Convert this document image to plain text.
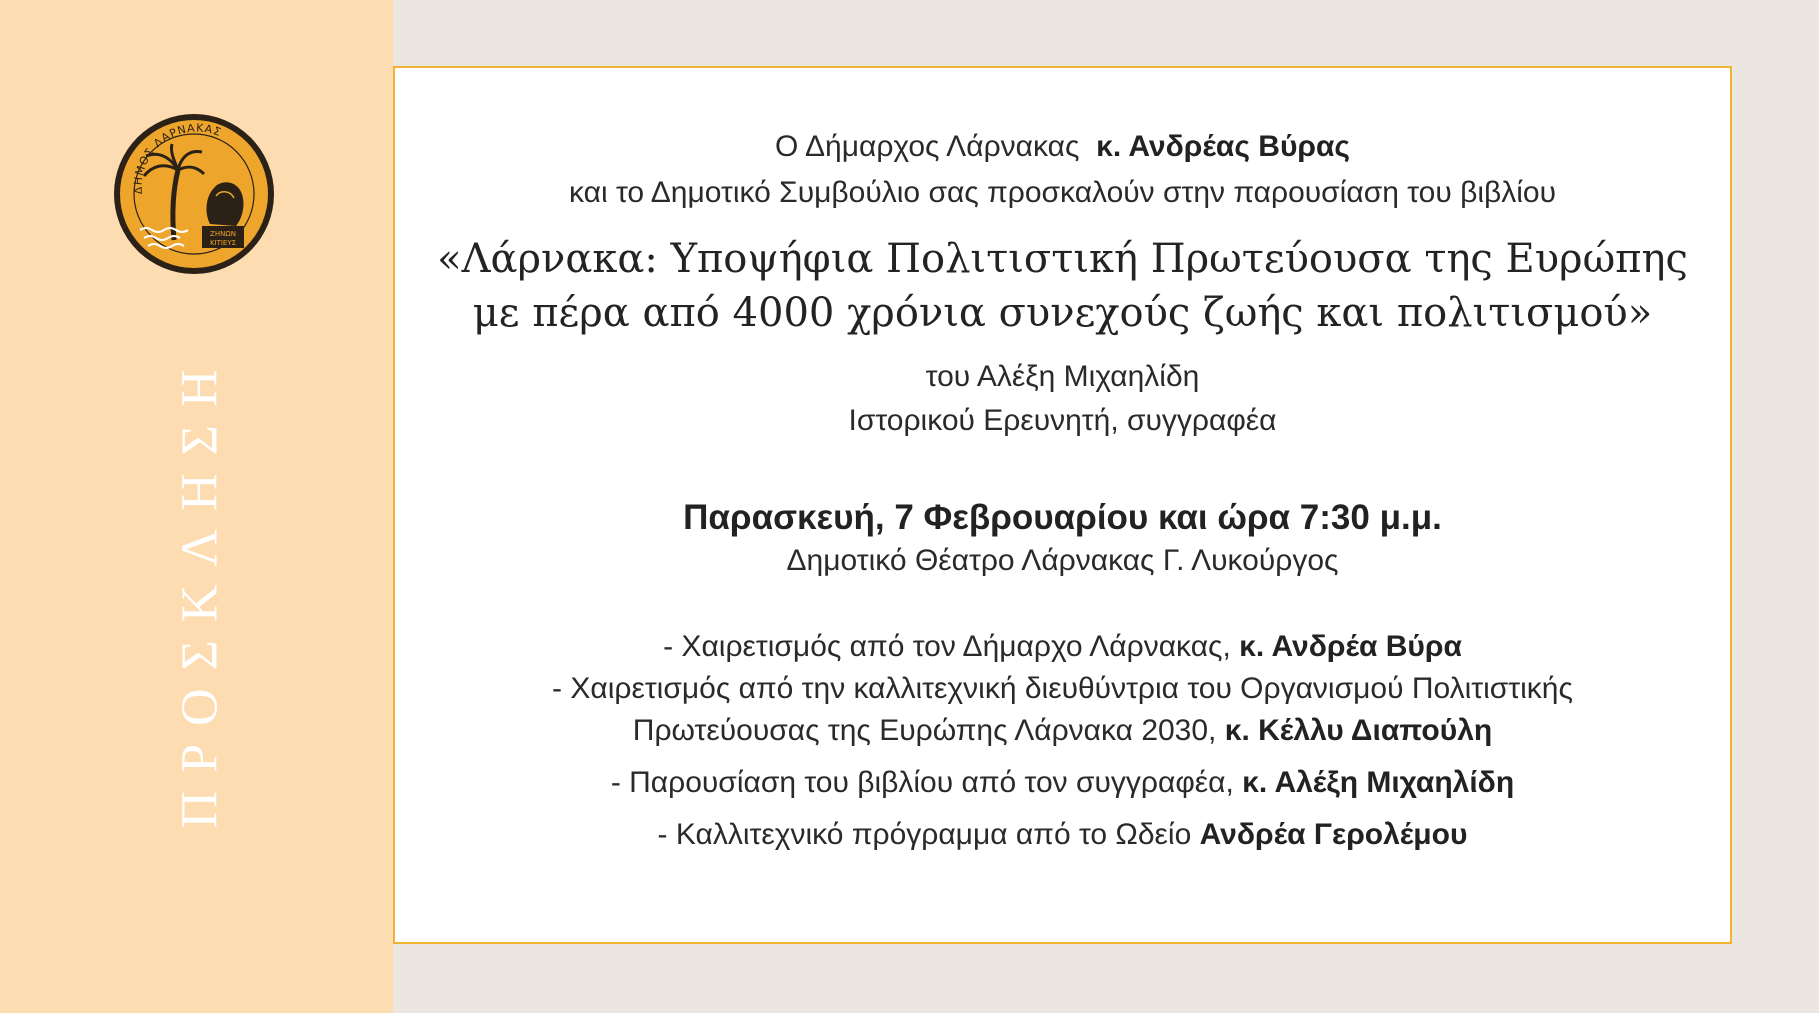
ΖΗΝΩΝ
ΚΙΤΙΕΥΣ
ΔΗΜΟΣ ΛΑΡΝΑΚΑΣ
ΠΡΟΣΚΛΗΣΗ
Ο Δήμαρχος Λάρνακας κ. Ανδρέας Βύρας
και το Δημοτικό Συμβούλιο σας προσκαλούν στην παρουσίαση του βιβλίου
«Λάρνακα: Υποψήφια Πολιτιστική Πρωτεύουσα της Ευρώπης
με πέρα από 4000 χρόνια συνεχούς ζωής και πολιτισμού»
του Αλέξη Μιχαηλίδη
Ιστορικού Ερευνητή, συγγραφέα
Παρασκευή, 7 Φεβρουαρίου και ώρα 7:30 μ.μ.
Δημοτικό Θέατρο Λάρνακας Γ. Λυκούργος
- Χαιρετισμός από τον Δήμαρχο Λάρνακας, κ. Ανδρέα Βύρα
- Χαιρετισμός από την καλλιτεχνική διευθύντρια του Οργανισμού Πολιτιστικής
Πρωτεύουσας της Ευρώπης Λάρνακα 2030, κ. Κέλλυ Διαπούλη
- Παρουσίαση του βιβλίου από τον συγγραφέα, κ. Αλέξη Μιχαηλίδη
- Καλλιτεχνικό πρόγραμμα από το Ωδείο Ανδρέα Γερολέμου
